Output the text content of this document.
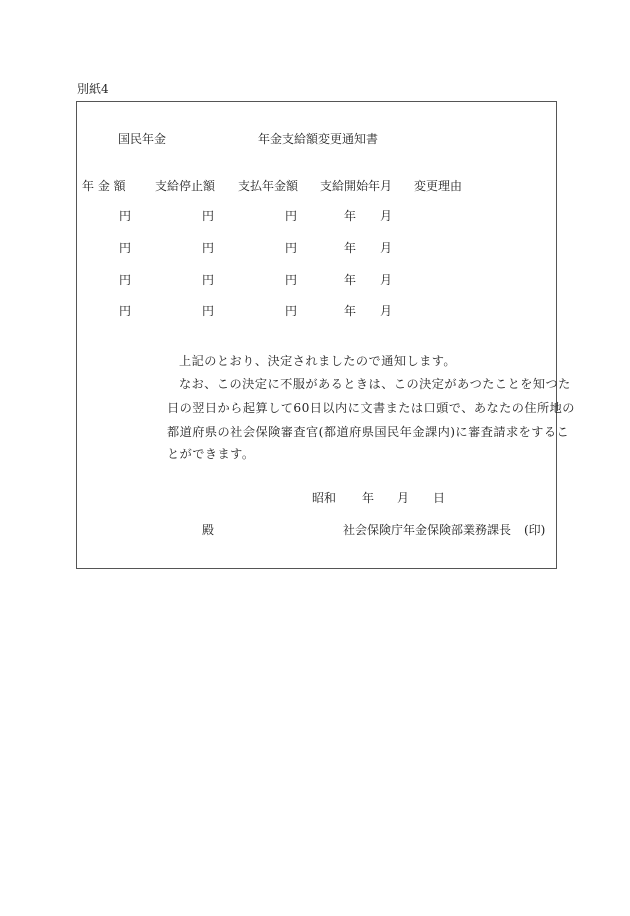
別紙4
国民年金	年金支給額変更通知書
年 金 額 支給停止額 支払年金額 支給開始年月 変更理由
円	円	円	年 月
円	円	円	年 月
円	円	円	年 月
円	円	円	年 月
上記のとおり、決定されましたので通知します。
なお、この決定に不服があるときは、この決定があつたことを知つた
日の翌日から起算して60日以内に文書または口頭で、あなたの住所地の
都道府県の社会保険審査官(都道府県国民年金課内)に審査請求をするこ
とができます。
昭和 年 月 日
殿	社会保険庁年金保険部業務課長 (印)
